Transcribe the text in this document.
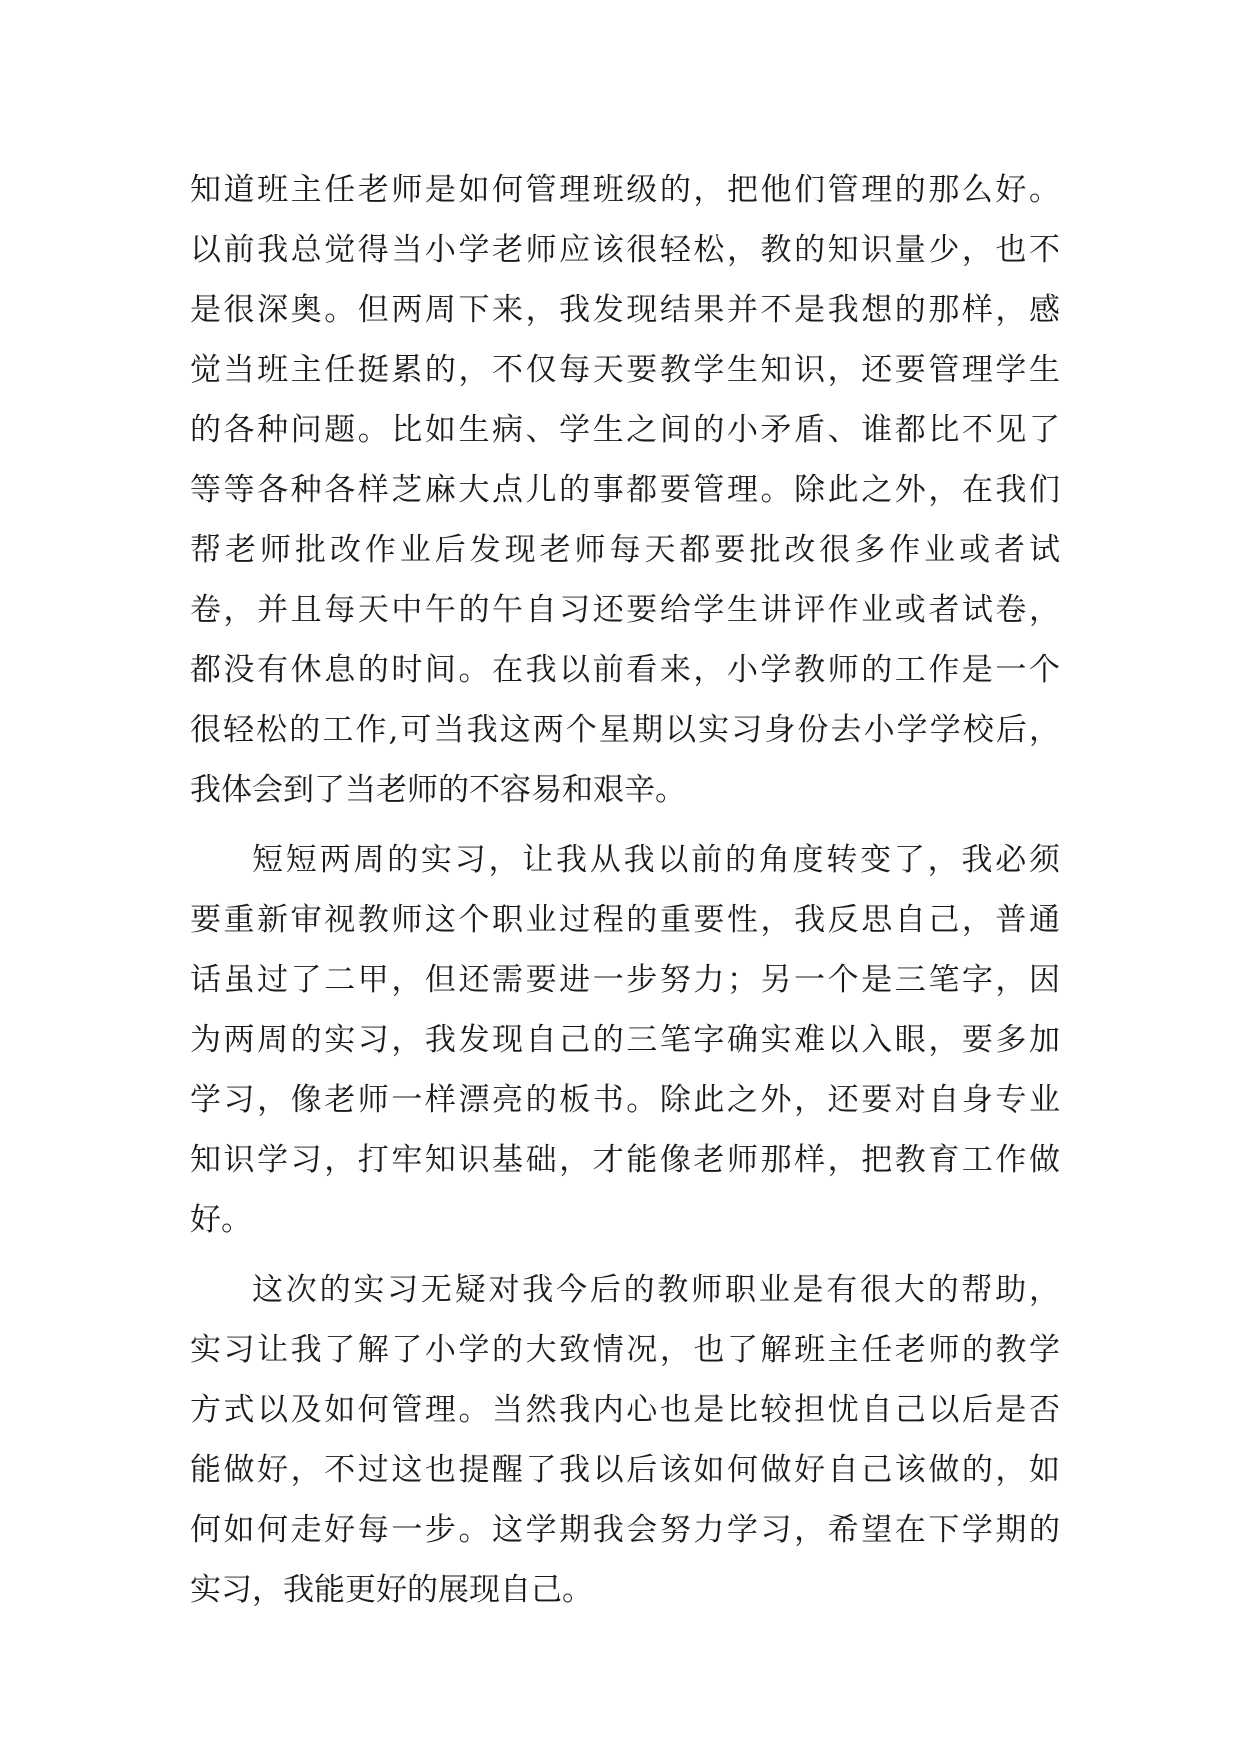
知道班主任老师是如何管理班级的，把他们管理的那么好。
以前我总觉得当小学老师应该很轻松，教的知识量少，也不
是很深奥。但两周下来，我发现结果并不是我想的那样，感
觉当班主任挺累的，不仅每天要教学生知识，还要管理学生
的各种问题。比如生病、学生之间的小矛盾、谁都比不见了
等等各种各样芝麻大点儿的事都要管理。除此之外，在我们
帮老师批改作业后发现老师每天都要批改很多作业或者试
卷，并且每天中午的午自习还要给学生讲评作业或者试卷，
都没有休息的时间。在我以前看来，小学教师的工作是一个
很轻松的工作,可当我这两个星期以实习身份去小学学校后，
我体会到了当老师的不容易和艰辛。
短短两周的实习，让我从我以前的角度转变了，我必须
要重新审视教师这个职业过程的重要性，我反思自己，普通
话虽过了二甲，但还需要进一步努力；另一个是三笔字，因
为两周的实习，我发现自己的三笔字确实难以入眼，要多加
学习，像老师一样漂亮的板书。除此之外，还要对自身专业
知识学习，打牢知识基础，才能像老师那样，把教育工作做
好。
这次的实习无疑对我今后的教师职业是有很大的帮助，
实习让我了解了小学的大致情况，也了解班主任老师的教学
方式以及如何管理。当然我内心也是比较担忧自己以后是否
能做好，不过这也提醒了我以后该如何做好自己该做的，如
何如何走好每一步。这学期我会努力学习，希望在下学期的
实习，我能更好的展现自己。
